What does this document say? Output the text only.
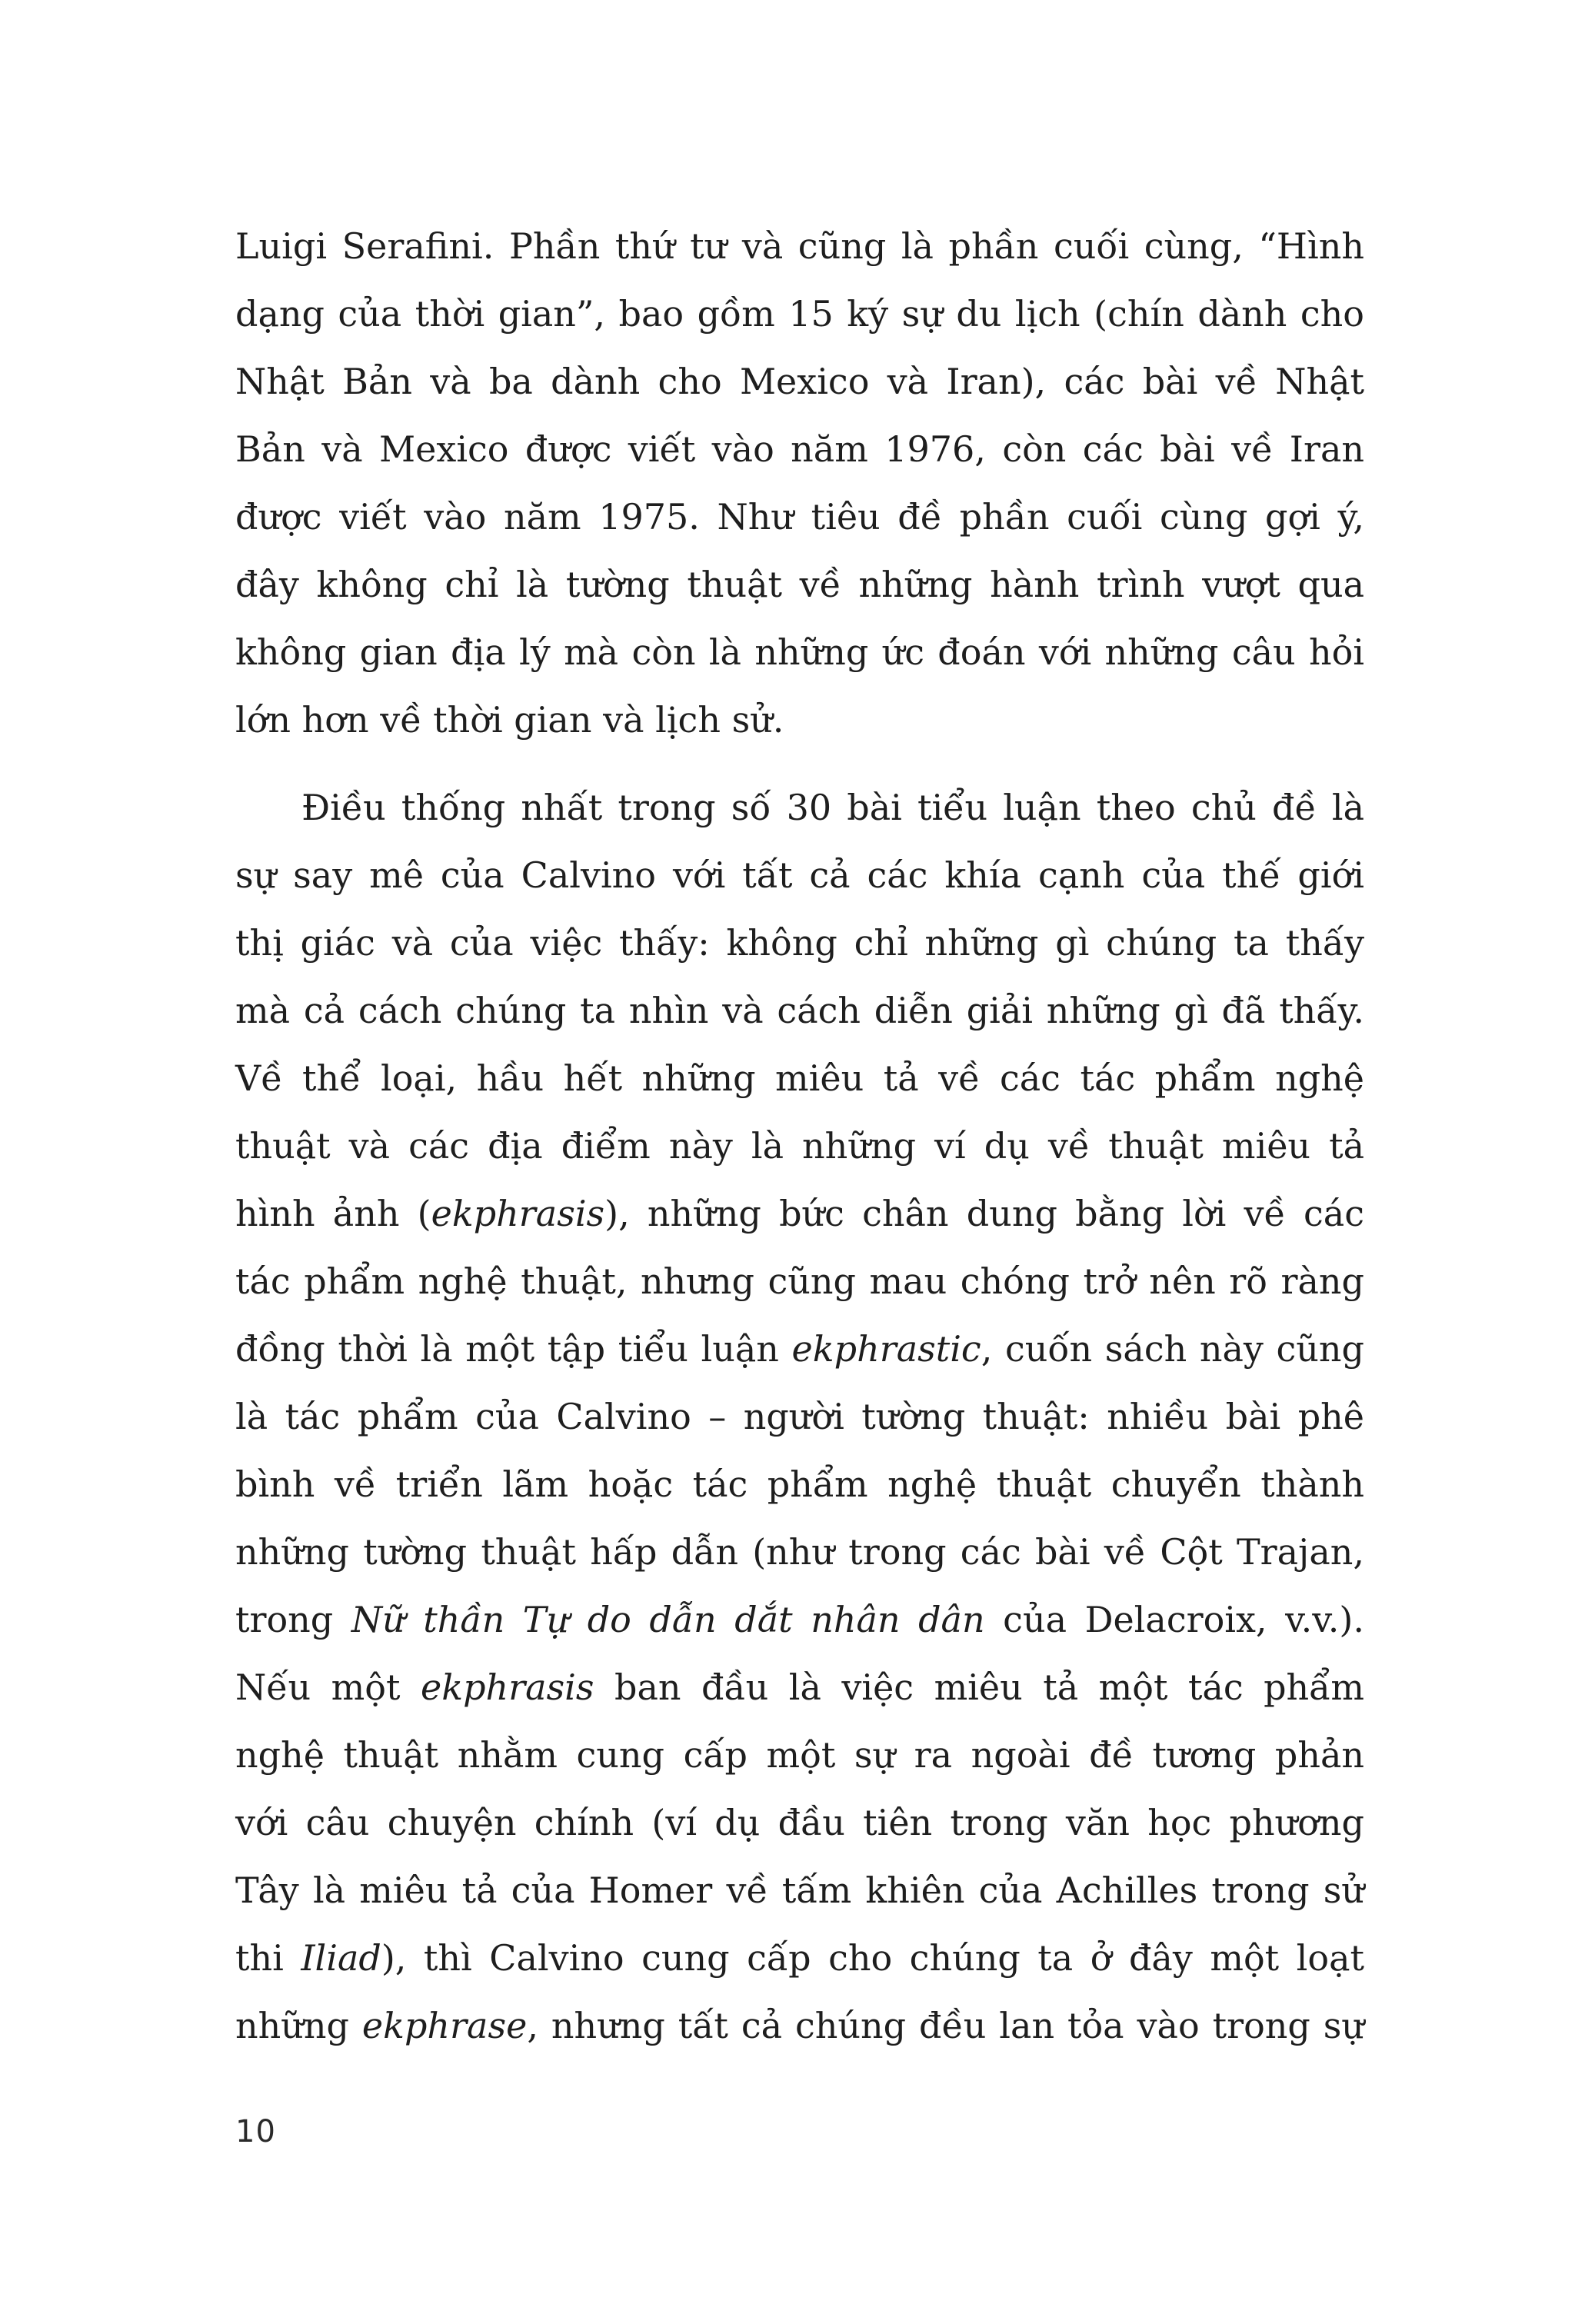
Luigi Serafini. Phần thứ tư và cũng là phần cuối cùng, “Hình
dạng của thời gian”, bao gồm 15 ký sự du lịch (chín dành cho
Nhật Bản và ba dành cho Mexico và Iran), các bài về Nhật
Bản và Mexico được viết vào năm 1976, còn các bài về Iran
được viết vào năm 1975. Như tiêu đề phần cuối cùng gợi ý,
đây không chỉ là tường thuật về những hành trình vượt qua
không gian địa lý mà còn là những ức đoán với những câu hỏi
lớn hơn về thời gian và lịch sử.
Điều thống nhất trong số 30 bài tiểu luận theo chủ đề là
sự say mê của Calvino với tất cả các khía cạnh của thế giới
thị giác và của việc thấy: không chỉ những gì chúng ta thấy
mà cả cách chúng ta nhìn và cách diễn giải những gì đã thấy.
Về thể loại, hầu hết những miêu tả về các tác phẩm nghệ
thuật và các địa điểm này là những ví dụ về thuật miêu tả
hình ảnh (ekphrasis), những bức chân dung bằng lời về các
tác phẩm nghệ thuật, nhưng cũng mau chóng trở nên rõ ràng
đồng thời là một tập tiểu luận ekphrastic, cuốn sách này cũng
là tác phẩm của Calvino – người tường thuật: nhiều bài phê
bình về triển lãm hoặc tác phẩm nghệ thuật chuyển thành
những tường thuật hấp dẫn (như trong các bài về Cột Trajan,
trong Nữ thần Tự do dẫn dắt nhân dân của Delacroix, v.v.).
Nếu một ekphrasis ban đầu là việc miêu tả một tác phẩm
nghệ thuật nhằm cung cấp một sự ra ngoài đề tương phản
với câu chuyện chính (ví dụ đầu tiên trong văn học phương
Tây là miêu tả của Homer về tấm khiên của Achilles trong sử
thi Iliad), thì Calvino cung cấp cho chúng ta ở đây một loạt
những ekphrase, nhưng tất cả chúng đều lan tỏa vào trong sự
10
